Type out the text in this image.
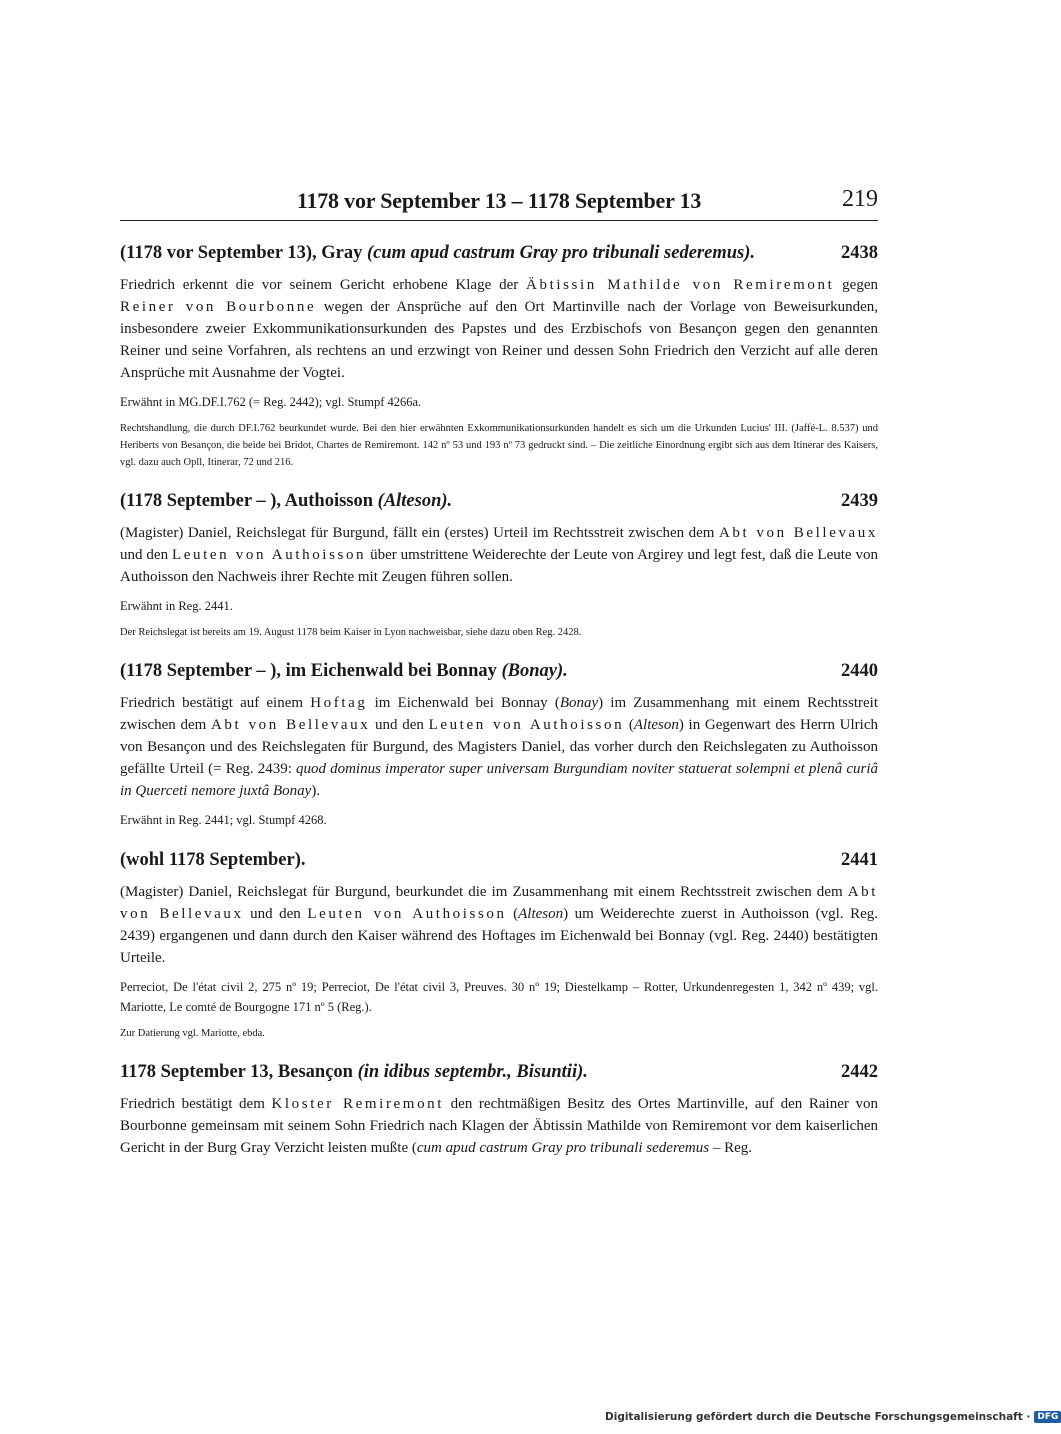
1178 vor September 13 – 1178 September 13	219
(1178 vor September 13), Gray (cum apud castrum Gray pro tribunali sederemus).	2438

Friedrich erkennt die vor seinem Gericht erhobene Klage der Äbtissin Mathilde von Remiremont gegen Reiner von Bourbonne wegen der Ansprüche auf den Ort Martinville nach der Vorlage von Beweisurkunden, insbesondere zweier Exkommunikationsurkunden des Papstes und des Erzbischofs von Besançon gegen den genannten Reiner und seine Vorfahren, als rechtens an und erzwingt von Reiner und dessen Sohn Friedrich den Verzicht auf alle deren Ansprüche mit Ausnahme der Vogtei.

Erwähnt in MG.DF.I.762 (= Reg. 2442); vgl. Stumpf 4266a.

Rechtshandlung, die durch DF.I.762 beurkundet wurde. Bei den hier erwähnten Exkommunikationsurkunden handelt es sich um die Urkunden Lucius' III. (Jaffé-L. 8.537) und Heriberts von Besançon, die beide bei Bridot, Chartes de Remiremont. 142 nº 53 und 193 nº 73 gedruckt sind. – Die zeitliche Einordnung ergibt sich aus dem Itinerar des Kaisers, vgl. dazu auch Opll, Itinerar, 72 und 216.

(1178 September – ), Authoisson (Alteson).	2439

(Magister) Daniel, Reichslegat für Burgund, fällt ein (erstes) Urteil im Rechtsstreit zwischen dem Abt von Bellevaux und den Leuten von Authoisson über umstrittene Weiderechte der Leute von Argirey und legt fest, daß die Leute von Authoisson den Nachweis ihrer Rechte mit Zeugen führen sollen.

Erwähnt in Reg. 2441.

Der Reichslegat ist bereits am 19. August 1178 beim Kaiser in Lyon nachweisbar, siehe dazu oben Reg. 2428.

(1178 September – ), im Eichenwald bei Bonnay (Bonay).	2440

Friedrich bestätigt auf einem Hoftag im Eichenwald bei Bonnay (Bonay) im Zusammenhang mit einem Rechtsstreit zwischen dem Abt von Bellevaux und den Leuten von Authoisson (Alteson) in Gegenwart des Herrn Ulrich von Besançon und des Reichslegaten für Burgund, des Magisters Daniel, das vorher durch den Reichslegaten zu Authoisson gefällte Urteil (= Reg. 2439: quod dominus imperator super universam Burgundiam noviter statuerat solempni et plenâ curiâ in Querceti nemore juxtâ Bonay).

Erwähnt in Reg. 2441; vgl. Stumpf 4268.

(wohl 1178 September).	2441

(Magister) Daniel, Reichslegat für Burgund, beurkundet die im Zusammenhang mit einem Rechtsstreit zwischen dem Abt von Bellevaux und den Leuten von Authoisson (Alteson) um Weiderechte zuerst in Authoisson (vgl. Reg. 2439) ergangenen und dann durch den Kaiser während des Hoftages im Eichenwald bei Bonnay (vgl. Reg. 2440) bestätigten Urteile.

Perreciot, De l'état civil 2, 275 nº 19; Perreciot, De l'état civil 3, Preuves. 30 nº 19; Diestelkamp – Rotter, Urkundenregesten 1, 342 nº 439; vgl. Mariotte, Le comté de Bourgogne 171 nº 5 (Reg.).

Zur Datierung vgl. Mariotte, ebda.

1178 September 13, Besançon (in idibus septembr., Bisuntii).	2442

Friedrich bestätigt dem Kloster Remiremont den rechtmäßigen Besitz des Ortes Martinville, auf den Rainer von Bourbonne gemeinsam mit seinem Sohn Friedrich nach Klagen der Äbtissin Mathilde von Remiremont vor dem kaiserlichen Gericht in der Burg Gray Verzicht leisten mußte (cum apud castrum Gray pro tribunali sederemus – Reg.

Digitalisierung gefördert durch die Deutsche Forschungsgemeinschaft · DFG
